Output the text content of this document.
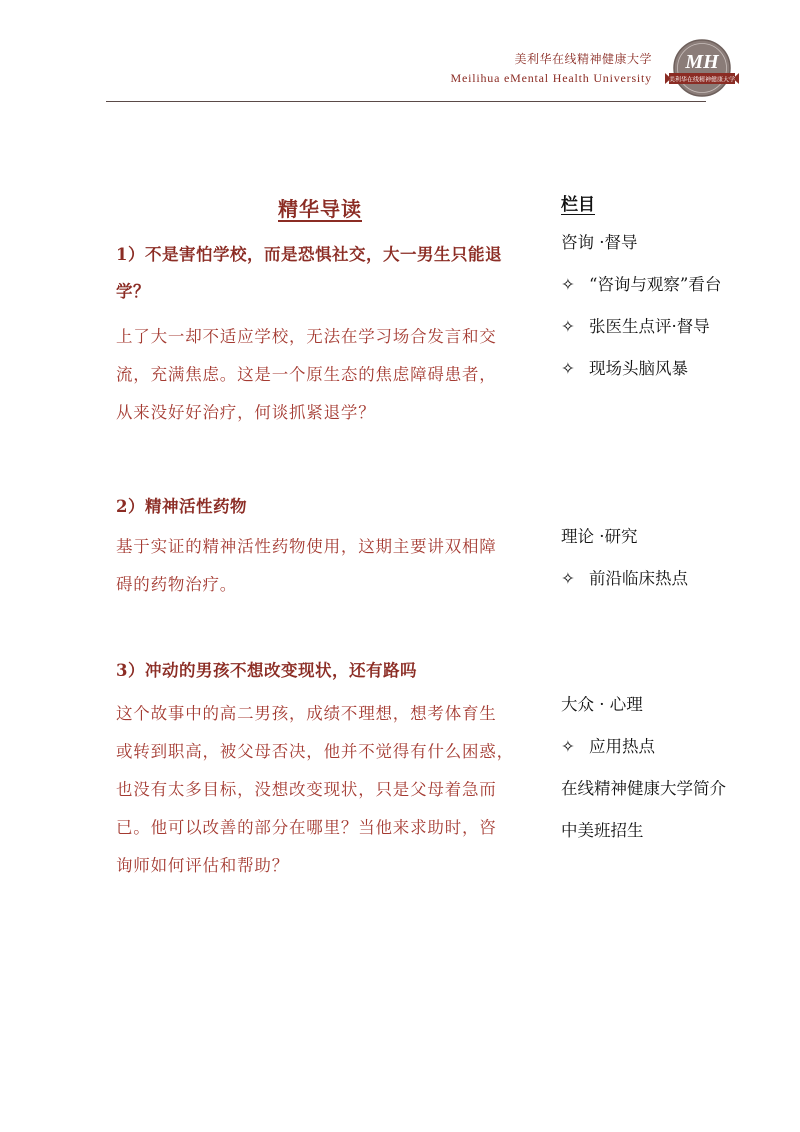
美利华在线精神健康大学
Meilihua eMental Health University
MH
美利华在线精神健康大学
精华导读
1）不是害怕学校，而是恐惧社交，大一男生只能退
学？
上了大一却不适应学校，无法在学习场合发言和交
流，充满焦虑。这是一个原生态的焦虑障碍患者，
从来没好好治疗，何谈抓紧退学？
2）精神活性药物
基于实证的精神活性药物使用，这期主要讲双相障
碍的药物治疗。
3）冲动的男孩不想改变现状，还有路吗
这个故事中的高二男孩，成绩不理想，想考体育生
或转到职高，被父母否决，他并不觉得有什么困惑，
也没有太多目标，没想改变现状，只是父母着急而
已。他可以改善的部分在哪里？当他来求助时，咨
询师如何评估和帮助？
栏目
咨询 ·督导
✧ “咨询与观察”看台
✧ 张医生点评·督导
✧ 现场头脑风暴
理论 ·研究
✧ 前沿临床热点
大众 · 心理
✧ 应用热点
在线精神健康大学简介
中美班招生
